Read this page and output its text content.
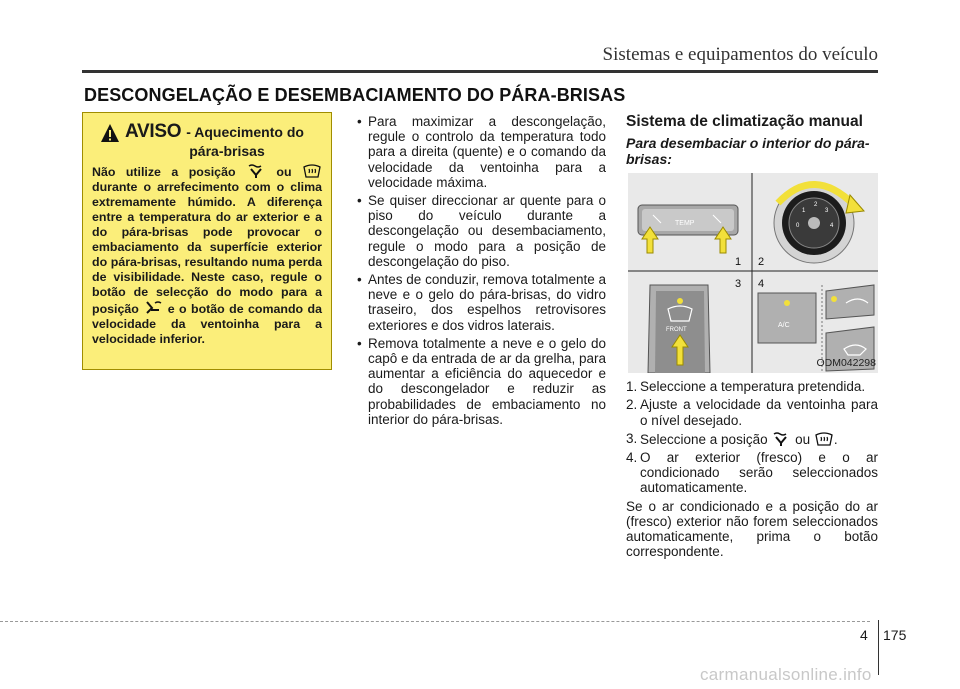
Sistemas e equipamentos do veículo
DESCONGELAÇÃO E DESEMBACIAMENTO DO PÁRA-BRISAS
AVISO - Aquecimento do
pára-brisas
Não utilize a posição	ou  durante o arrefecimento com o clima extremamente húmido. A diferença entre a temperatura do ar exterior e a do pára-brisas pode provocar o embaciamento da superfície exterior do pára-brisas, resultando numa perda de visibilidade. Neste caso, regule o botão de selecção do modo para a posição e o botão de comando da velocidade da ventoinha para a velocidade inferior.
• Para maximizar a descongelação, regule o controlo da temperatura todo para a direita (quente) e o comando da velocidade da ventoinha para a velocidade máxima.
• Se quiser direccionar ar quente para o piso do veículo durante a descongelação ou desembaciamento, regule o modo para a posição de descongelação do piso.
• Antes de conduzir, remova totalmente a neve e o gelo do pára-brisas, do vidro traseiro, dos espelhos retrovisores exteriores e dos vidros laterais.
• Remova totalmente a neve e o gelo do capô e da entrada de ar da grelha, para aumentar a eficiência do aquecedor e do descongelador e reduzir as probabilidades de embaciamento no interior do pára-brisas.
Sistema de climatização manual
Para desembaciar o interior do pára-brisas:
TEMP	0
1
2
3
4
1 2
3 4
FRONT
A/C
ODM042298
1. Seleccione a temperatura pretendida.
2. Ajuste a velocidade da ventoinha para o nível desejado.
3. Seleccione a posição ou .
4. O ar exterior (fresco) e o ar condicionado serão seleccionados automaticamente.
Se o ar condicionado e a posição do ar (fresco) exterior não forem seleccionados automaticamente, prima o botão correspondente.
4 175
carmanualsonline.info
